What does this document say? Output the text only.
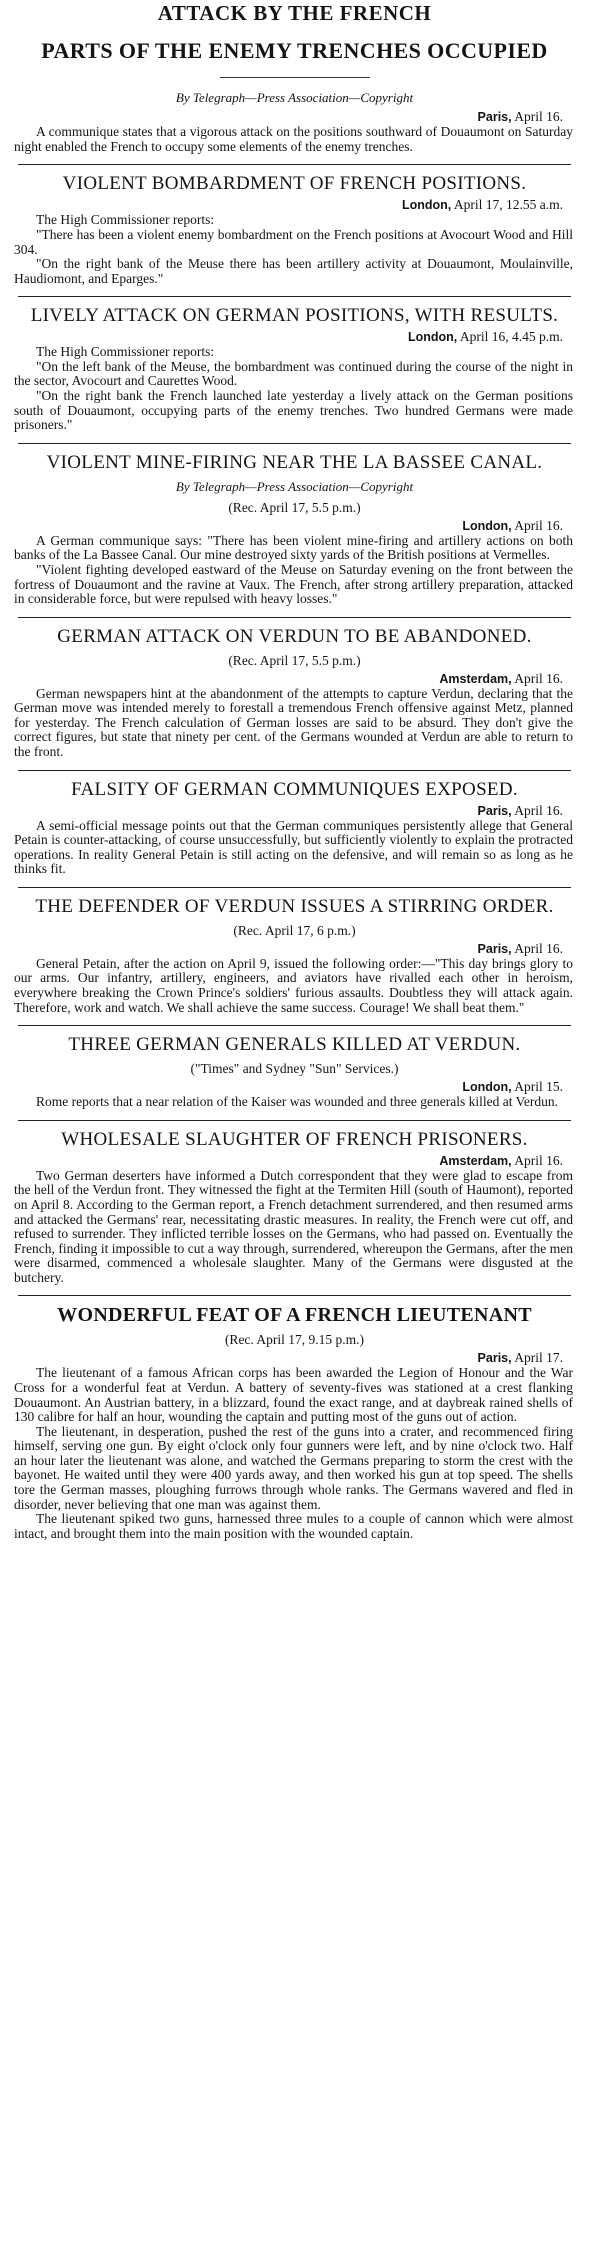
ATTACK BY THE FRENCH
PARTS OF THE ENEMY TRENCHES OCCUPIED
By Telegraph—Press Association—Copyright
Paris, April 16.

A communique states that a vigorous attack on the positions southward of Douaumont on Saturday night enabled the French to occupy some elements of the enemy trenches.

VIOLENT BOMBARDMENT OF FRENCH POSITIONS.
London, April 17, 12.55 a.m.

The High Commissioner reports:

"There has been a violent enemy bombardment on the French positions at Avocourt Wood and Hill 304.

"On the right bank of the Meuse there has been artillery activity at Douaumont, Moulainville, Haudiomont, and Eparges."

LIVELY ATTACK ON GERMAN POSITIONS, WITH RESULTS.
London, April 16, 4.45 p.m.

The High Commissioner reports:

"On the left bank of the Meuse, the bombardment was continued during the course of the night in the sector, Avocourt and Caurettes Wood.

"On the right bank the French launched late yesterday a lively attack on the German positions south of Douaumont, occupying parts of the enemy trenches. Two hundred Germans were made prisoners."

VIOLENT MINE-FIRING NEAR THE LA BASSEE CANAL.
By Telegraph—Press Association—Copyright
(Rec. April 17, 5.5 p.m.)
London, April 16.

A German communique says: "There has been violent mine-firing and artillery actions on both banks of the La Bassee Canal. Our mine destroyed sixty yards of the British positions at Vermelles.

"Violent fighting developed eastward of the Meuse on Saturday evening on the front between the fortress of Douaumont and the ravine at Vaux. The French, after strong artillery preparation, attacked in considerable force, but were repulsed with heavy losses."

GERMAN ATTACK ON VERDUN TO BE ABANDONED.
(Rec. April 17, 5.5 p.m.)
Amsterdam, April 16.

German newspapers hint at the abandonment of the attempts to capture Verdun, declaring that the German move was intended merely to forestall a tremendous French offensive against Metz, planned for yesterday. The French calculation of German losses are said to be absurd. They don't give the correct figures, but state that ninety per cent. of the Germans wounded at Verdun are able to return to the front.

FALSITY OF GERMAN COMMUNIQUES EXPOSED.
Paris, April 16.

A semi-official message points out that the German communiques persistently allege that General Petain is counter-attacking, of course unsuccessfully, but sufficiently violently to explain the protracted operations. In reality General Petain is still acting on the defensive, and will remain so as long as he thinks fit.

THE DEFENDER OF VERDUN ISSUES A STIRRING ORDER.
(Rec. April 17, 6 p.m.)
Paris, April 16.

General Petain, after the action on April 9, issued the following order:—"This day brings glory to our arms. Our infantry, artillery, engineers, and aviators have rivalled each other in heroism, everywhere breaking the Crown Prince's soldiers' furious assaults. Doubtless they will attack again. Therefore, work and watch. We shall achieve the same success. Courage! We shall beat them."

THREE GERMAN GENERALS KILLED AT VERDUN.
("Times" and Sydney "Sun" Services.)
London, April 15.

Rome reports that a near relation of the Kaiser was wounded and three generals killed at Verdun.

WHOLESALE SLAUGHTER OF FRENCH PRISONERS.
Amsterdam, April 16.

Two German deserters have informed a Dutch correspondent that they were glad to escape from the hell of the Verdun front. They witnessed the fight at the Termiten Hill (south of Haumont), reported on April 8. According to the German report, a French detachment surrendered, and then resumed arms and attacked the Germans' rear, necessitating drastic measures. In reality, the French were cut off, and refused to surrender. They inflicted terrible losses on the Germans, who had passed on. Eventually the French, finding it impossible to cut a way through, surrendered, whereupon the Germans, after the men were disarmed, commenced a wholesale slaughter. Many of the Germans were disgusted at the butchery.

WONDERFUL FEAT OF A FRENCH LIEUTENANT
(Rec. April 17, 9.15 p.m.)
Paris, April 17.

The lieutenant of a famous African corps has been awarded the Legion of Honour and the War Cross for a wonderful feat at Verdun. A battery of seventy-fives was stationed at a crest flanking Douaumont. An Austrian battery, in a blizzard, found the exact range, and at daybreak rained shells of 130 calibre for half an hour, wounding the captain and putting most of the guns out of action.

The lieutenant, in desperation, pushed the rest of the guns into a crater, and recommenced firing himself, serving one gun. By eight o'clock only four gunners were left, and by nine o'clock two. Half an hour later the lieutenant was alone, and watched the Germans preparing to storm the crest with the bayonet. He waited until they were 400 yards away, and then worked his gun at top speed. The shells tore the German masses, ploughing furrows through whole ranks. The Germans wavered and fled in disorder, never believing that one man was against them.

The lieutenant spiked two guns, harnessed three mules to a couple of cannon which were almost intact, and brought them into the main position with the wounded captain.
